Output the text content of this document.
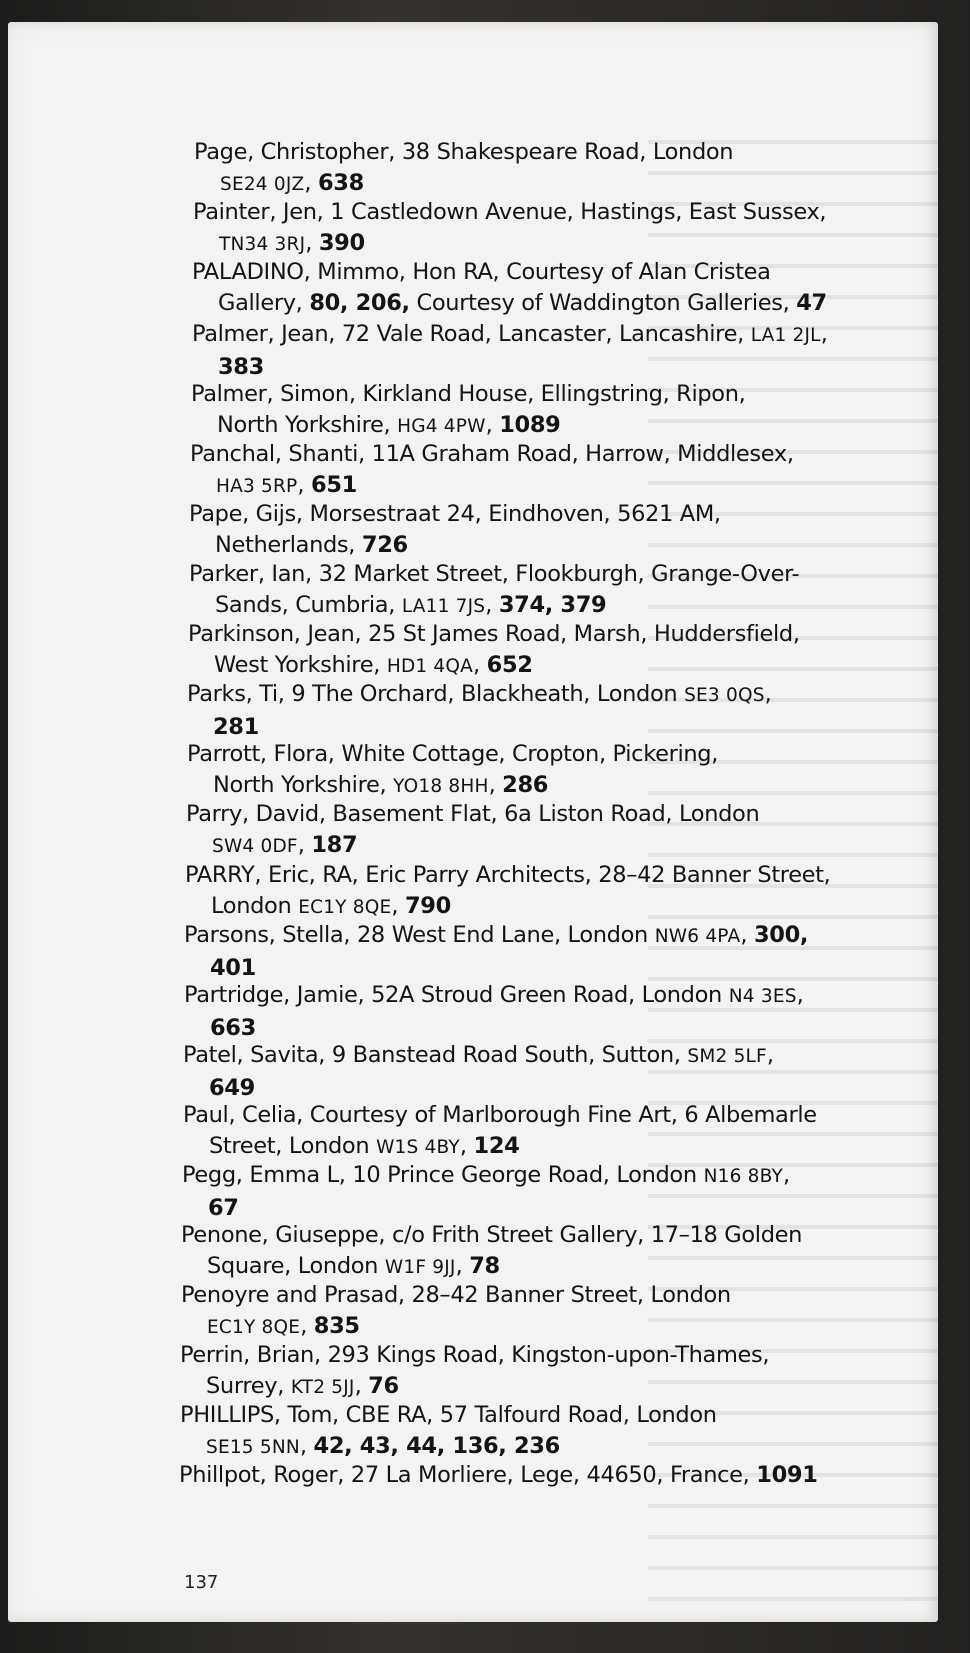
Page, Christopher, 38 Shakespeare Road, London SE24 0JZ, 638
Painter, Jen, 1 Castledown Avenue, Hastings, East Sussex, TN34 3RJ, 390
PALADINO, Mimmo, Hon RA, Courtesy of Alan Cristea Gallery, 80, 206, Courtesy of Waddington Galleries, 47
Palmer, Jean, 72 Vale Road, Lancaster, Lancashire, LA1 2JL, 383
Palmer, Simon, Kirkland House, Ellingstring, Ripon, North Yorkshire, HG4 4PW, 1089
Panchal, Shanti, 11A Graham Road, Harrow, Middlesex, HA3 5RP, 651
Pape, Gijs, Morsestraat 24, Eindhoven, 5621 AM, Netherlands, 726
Parker, Ian, 32 Market Street, Flookburgh, Grange-Over-Sands, Cumbria, LA11 7JS, 374, 379
Parkinson, Jean, 25 St James Road, Marsh, Huddersfield, West Yorkshire, HD1 4QA, 652
Parks, Ti, 9 The Orchard, Blackheath, London SE3 0QS, 281
Parrott, Flora, White Cottage, Cropton, Pickering, North Yorkshire, YO18 8HH, 286
Parry, David, Basement Flat, 6a Liston Road, London SW4 0DF, 187
PARRY, Eric, RA, Eric Parry Architects, 28–42 Banner Street, London EC1Y 8QE, 790
Parsons, Stella, 28 West End Lane, London NW6 4PA, 300, 401
Partridge, Jamie, 52A Stroud Green Road, London N4 3ES, 663
Patel, Savita, 9 Banstead Road South, Sutton, SM2 5LF, 649
Paul, Celia, Courtesy of Marlborough Fine Art, 6 Albemarle Street, London W1S 4BY, 124
Pegg, Emma L, 10 Prince George Road, London N16 8BY, 67
Penone, Giuseppe, c/o Frith Street Gallery, 17–18 Golden Square, London W1F 9JJ, 78
Penoyre and Prasad, 28–42 Banner Street, London EC1Y 8QE, 835
Perrin, Brian, 293 Kings Road, Kingston-upon-Thames, Surrey, KT2 5JJ, 76
PHILLIPS, Tom, CBE RA, 57 Talfourd Road, London SE15 5NN, 42, 43, 44, 136, 236
Phillpot, Roger, 27 La Morliere, Lege, 44650, France, 1091
137
